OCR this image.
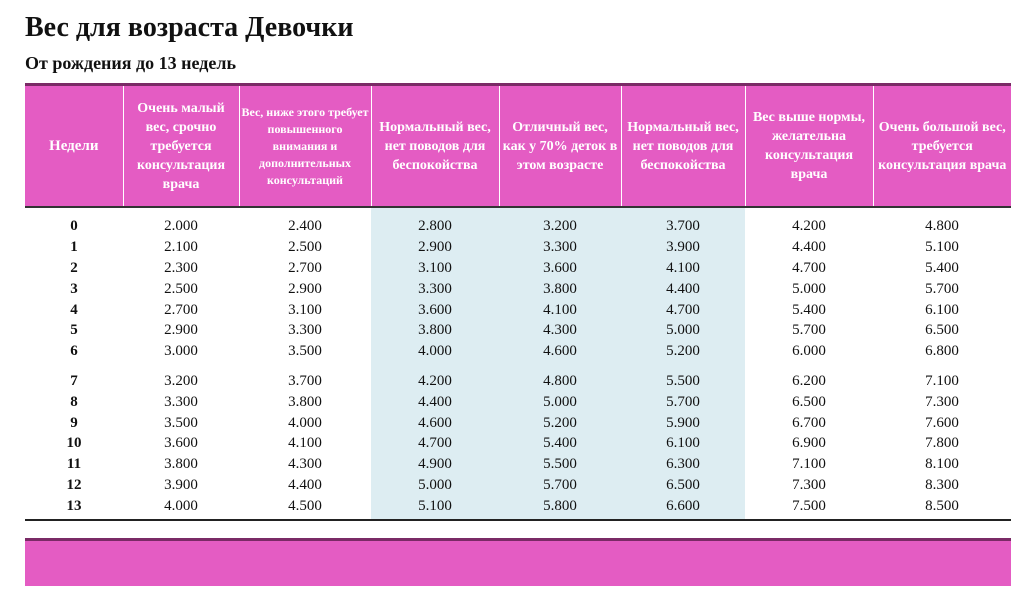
Вес для возраста Девочки
От рождения до 13 недель
Недели	Очень малый вес, срочно требуется консультация врача	Вес, ниже этого требует повышенного внимания и дополнительных консультаций	Нормальный вес, нет поводов для беспокойства	Отличный вес, как у 70% деток в этом возрасте	Нормальный вес, нет поводов для беспокойства	Вес выше нормы, желательна консультация врача	Очень большой вес, требуется консультация врача
0	2.000	2.400	2.800	3.200	3.700	4.200	4.800
1	2.100	2.500	2.900	3.300	3.900	4.400	5.100
2	2.300	2.700	3.100	3.600	4.100	4.700	5.400
3	2.500	2.900	3.300	3.800	4.400	5.000	5.700
4	2.700	3.100	3.600	4.100	4.700	5.400	6.100
5	2.900	3.300	3.800	4.300	5.000	5.700	6.500
6	3.000	3.500	4.000	4.600	5.200	6.000	6.800
7	3.200	3.700	4.200	4.800	5.500	6.200	7.100
8	3.300	3.800	4.400	5.000	5.700	6.500	7.300
9	3.500	4.000	4.600	5.200	5.900	6.700	7.600
10	3.600	4.100	4.700	5.400	6.100	6.900	7.800
11	3.800	4.300	4.900	5.500	6.300	7.100	8.100
12	3.900	4.400	5.000	5.700	6.500	7.300	8.300
13	4.000	4.500	5.100	5.800	6.600	7.500	8.500
